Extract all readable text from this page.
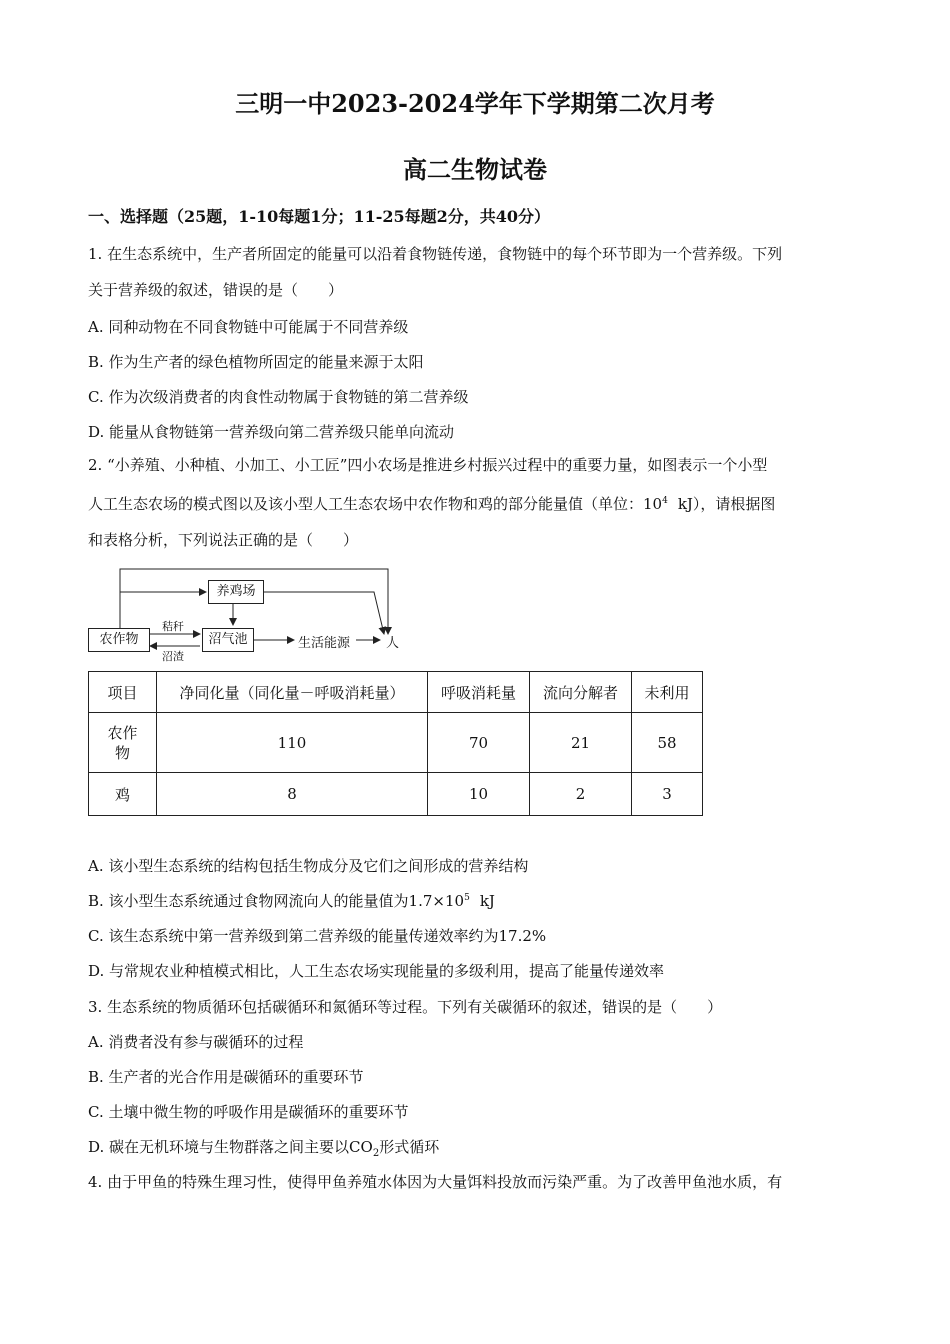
三明一中2023-2024学年下学期第二次月考
高二生物试卷
一、选择题（25题，1-10每题1分；11-25每题2分，共40分）

1. 在生态系统中，生产者所固定的能量可以沿着食物链传递，食物链中的每个环节即为一个营养级。下列

关于营养级的叙述，错误的是（　　）

A. 同种动物在不同食物链中可能属于不同营养级
B. 作为生产者的绿色植物所固定的能量来源于太阳
C. 作为次级消费者的肉食性动物属于食物链的第二营养级
D. 能量从食物链第一营养级向第二营养级只能单向流动

2. “小养殖、小种植、小加工、小工匠”四小农场是推进乡村振兴过程中的重要力量，如图表示一个小型

人工生态农场的模式图以及该小型人工生态农场中农作物和鸡的部分能量值（单位：$10^4$ kJ），请根据图

和表格分析，下列说法正确的是（　　）

养鸡场
农作物	沼气池	生活能源	人
秸秆
沼渣
项目	净同化量（同化量－呼吸消耗量）	呼吸消耗量	流向分解者	未利用
农作
物	110	70	21	58
鸡	8	10	2	3
A. 该小型生态系统的结构包括生物成分及它们之间形成的营养结构
B. 该小型生态系统通过食物网流向人的能量值为$1.7\times 10^5$ kJ
C. 该生态系统中第一营养级到第二营养级的能量传递效率约为17.2%
D. 与常规农业种植模式相比，人工生态农场实现能量的多级利用，提高了能量传递效率
3. 生态系统的物质循环包括碳循环和氮循环等过程。下列有关碳循环的叙述，错误的是（　　）
A. 消费者没有参与碳循环的过程
B. 生产者的光合作用是碳循环的重要环节
C. 土壤中微生物的呼吸作用是碳循环的重要环节
D. 碳在无机环境与生物群落之间主要以$CO_2$形式循环
4. 由于甲鱼的特殊生理习性，使得甲鱼养殖水体因为大量饵料投放而污染严重。为了改善甲鱼池水质，有
